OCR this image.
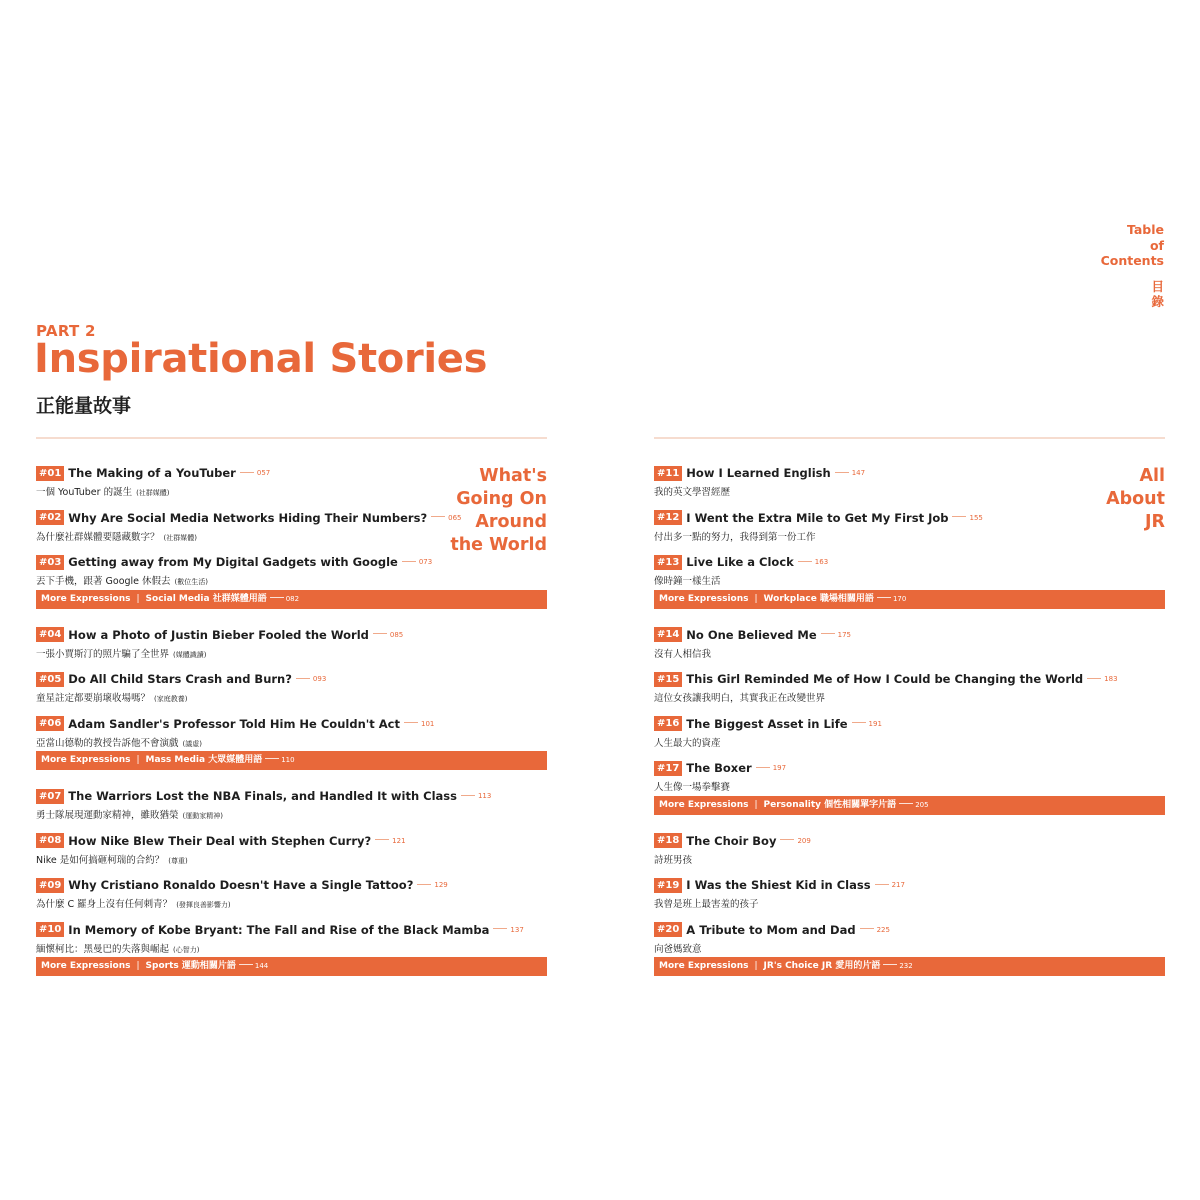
Table
of
Contents
目
錄
PART 2
Inspirational Stories
正能量故事
What's
Going On
Around
the World
#01 The Making of a YouTuber	057
一個 YouTuber 的誕生 (社群媒體)
#02 Why Are Social Media Networks Hiding Their Numbers?	065
為什麼社群媒體要隱藏數字？ (社群媒體)
#03 Getting away from My Digital Gadgets with Google	073
丟下手機，跟著 Google 休假去 (數位生活)
More Expressions | Social Media 社群媒體用語	082
#04 How a Photo of Justin Bieber Fooled the World	085
一張小賈斯汀的照片騙了全世界 (媒體識讀)
#05 Do All Child Stars Crash and Burn?	093
童星註定都要崩壞收場嗎？ (家庭教養)
#06 Adam Sandler's Professor Told Him He Couldn't Act	101
亞當山德勒的教授告訴他不會演戲 (議虛)
More Expressions | Mass Media 大眾媒體用語	110
#07 The Warriors Lost the NBA Finals, and Handled It with Class	113
勇士隊展現運動家精神，雖敗猶榮 (運動家精神)
#08 How Nike Blew Their Deal with Stephen Curry?	121
Nike 是如何搞砸柯瑞的合約？ (尊重)
#09 Why Cristiano Ronaldo Doesn't Have a Single Tattoo?	129
為什麼 C 羅身上沒有任何刺青？ (發揮良善影響力)
#10 In Memory of Kobe Bryant: The Fall and Rise of the Black Mamba	137
緬懷柯比：黑曼巴的失落與崛起 (心智力)
More Expressions | Sports 運動相關片語	144
All
About
JR
#11 How I Learned English	147
我的英文學習經歷
#12 I Went the Extra Mile to Get My First Job	155
付出多一點的努力，我得到第一份工作
#13 Live Like a Clock	163
像時鐘一樣生活
More Expressions | Workplace 職場相關用語	170
#14 No One Believed Me	175
沒有人相信我
#15 This Girl Reminded Me of How I Could be Changing the World	183
這位女孩讓我明白，其實我正在改變世界
#16 The Biggest Asset in Life	191
人生最大的資產
#17 The Boxer	197
人生像一場拳擊賽
More Expressions | Personality 個性相關單字片語	205
#18 The Choir Boy	209
詩班男孩
#19 I Was the Shiest Kid in Class	217
我曾是班上最害羞的孩子
#20 A Tribute to Mom and Dad	225
向爸媽致意
More Expressions | JR's Choice JR 愛用的片語	232
